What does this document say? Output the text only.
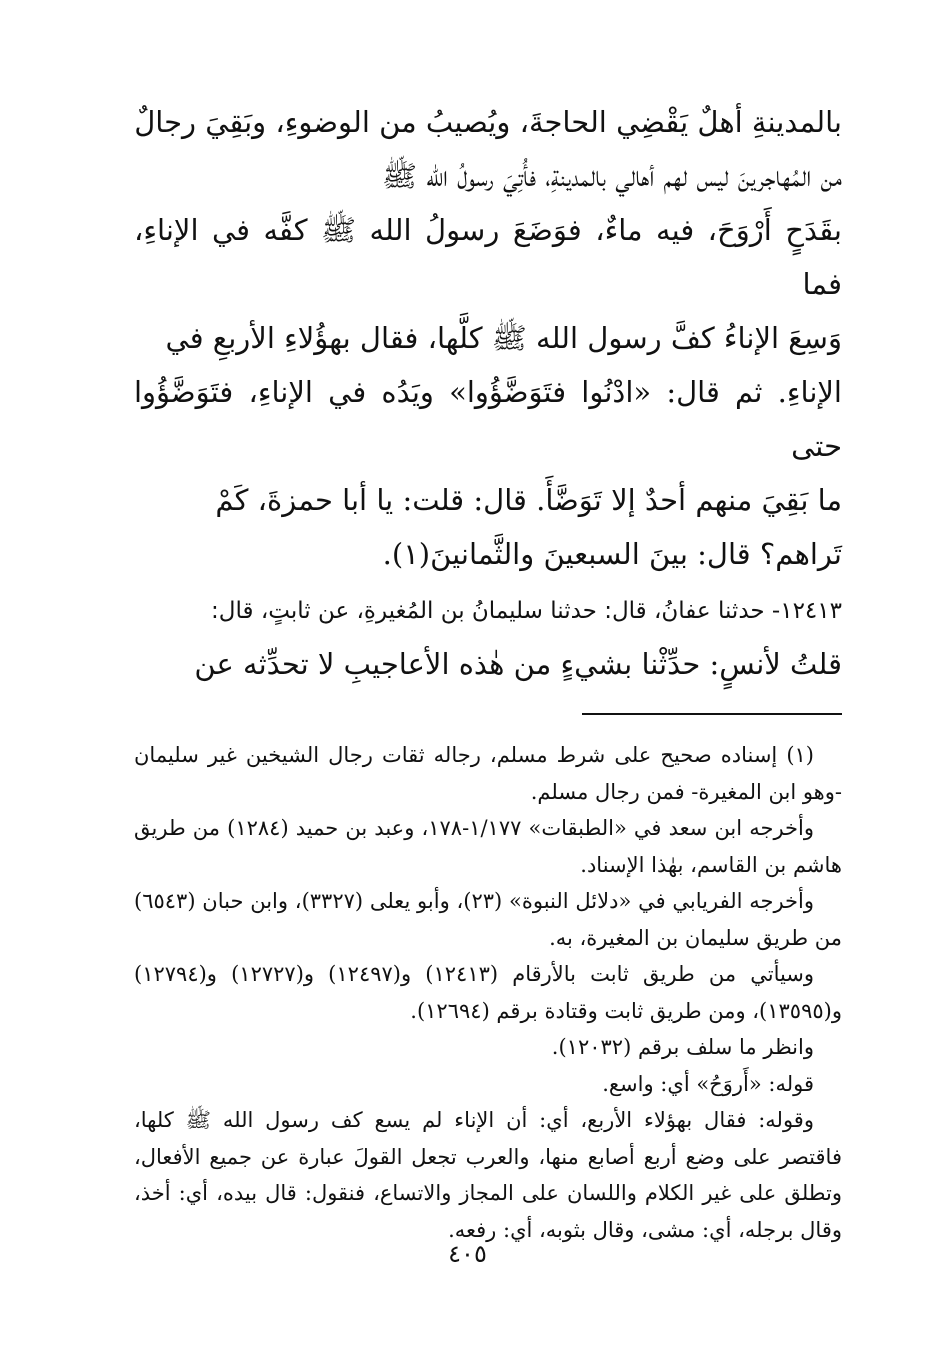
بالمدينةِ أهلٌ يَقْضِي الحاجةَ، ويُصيبُ من الوضوءِ، وبَقِيَ رجالٌ

من المُهاجرينَ ليس لهم أهالي بالمدينةِ، فأُتِيَ رسولُ الله ﷺ

بقَدَحٍ أَرْوَحَ، فيه ماءٌ، فوَضَعَ رسولُ الله ﷺ كفَّه في الإناءِ، فما

وَسِعَ الإناءُ كفَّ رسول الله ﷺ كلَّها، فقال بهؤُلاءِ الأربعِ في

الإناءِ. ثم قال: «ادْنُوا فتَوَضَّؤُوا» ويَدُه في الإناءِ، فتَوَضَّؤُوا حتى

ما بَقِيَ منهم أحدٌ إلا تَوَضَّأَ. قال: قلت: يا أبا حمزةَ، كَمْ

تَراهم؟ قال: بينَ السبعينَ والثَّمانينَ(١).

١٢٤١٣- حدثنا عفانُ، قال: حدثنا سليمانُ بن المُغيرةِ، عن ثابتٍ، قال:
قلتُ لأنسٍ: حدِّثْنا بشيءٍ من هٰذه الأعاجيبِ لا تحدِّثه عن

(١) إسناده صحيح على شرط مسلم، رجاله ثقات رجال الشيخين غير سليمان -وهو ابن المغيرة- فمن رجال مسلم.

وأخرجه ابن سعد في «الطبقات» ١/١٧٧-١٧٨، وعبد بن حميد (١٢٨٤) من طريق هاشم بن القاسم، بهٰذا الإسناد.

وأخرجه الفريابي في «دلائل النبوة» (٢٣)، وأبو يعلى (٣٣٢٧)، وابن حبان (٦٥٤٣) من طريق سليمان بن المغيرة، به.

وسيأتي من طريق ثابت بالأرقام (١٢٤١٣) و(١٢٤٩٧) و(١٢٧٢٧) و(١٢٧٩٤) و(١٣٥٩٥)، ومن طريق ثابت وقتادة برقم (١٢٦٩٤).

وانظر ما سلف برقم (١٢٠٣٢).

قوله: «أَروَحُ» أي: واسع.

وقوله: فقال بهؤلاء الأربع، أي: أن الإناء لم يسع كف رسول الله ﷺ كلها، فاقتصر على وضع أربع أصابع منها، والعرب تجعل القولَ عبارة عن جميع الأفعال، وتطلق على غير الكلام واللسان على المجاز والاتساع، فنقول: قال بيده، أي: أخذ، وقال برجله، أي: مشى، وقال بثوبه، أي: رفعه.

٤٠٥
